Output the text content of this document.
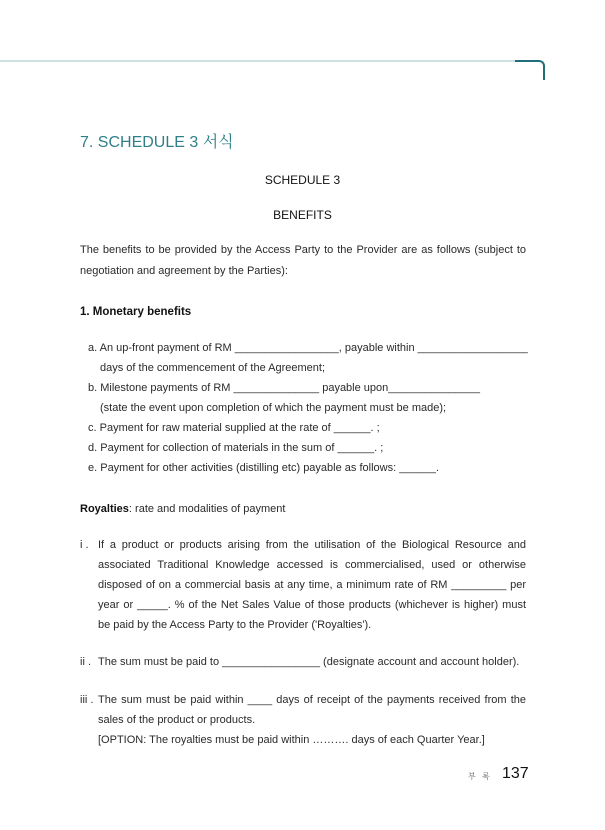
7. SCHEDULE 3 서식
SCHEDULE 3
BENEFITS

The benefits to be provided by the Access Party to the Provider are as follows (subject to negotiation and agreement by the Parties):

1. Monetary benefits
a. An up-front payment of RM _________________, payable within __________________
days of the commencement of the Agreement;
b. Milestone payments of RM ______________ payable upon_______________
(state the event upon completion of which the payment must be made);
c. Payment for raw material supplied at the rate of ______. ;
d. Payment for collection of materials in the sum of ______. ;
e. Payment for other activities (distilling etc) payable as follows: ______.
Royalties: rate and modalities of payment
i . If a product or products arising from the utilisation of the Biological Resource and associated Traditional Knowledge accessed is commercialised, used or otherwise disposed of on a commercial basis at any time, a minimum rate of RM _________ per year or _____. % of the Net Sales Value of those products (whichever is higher) must be paid by the Access Party to the Provider ('Royalties').
ii . The sum must be paid to ________________ (designate account and account holder).
iii . The sum must be paid within ____ days of receipt of the payments received from the sales of the product or products.
[OPTION: The royalties must be paid within ………. days of each Quarter Year.]
부 록 137
